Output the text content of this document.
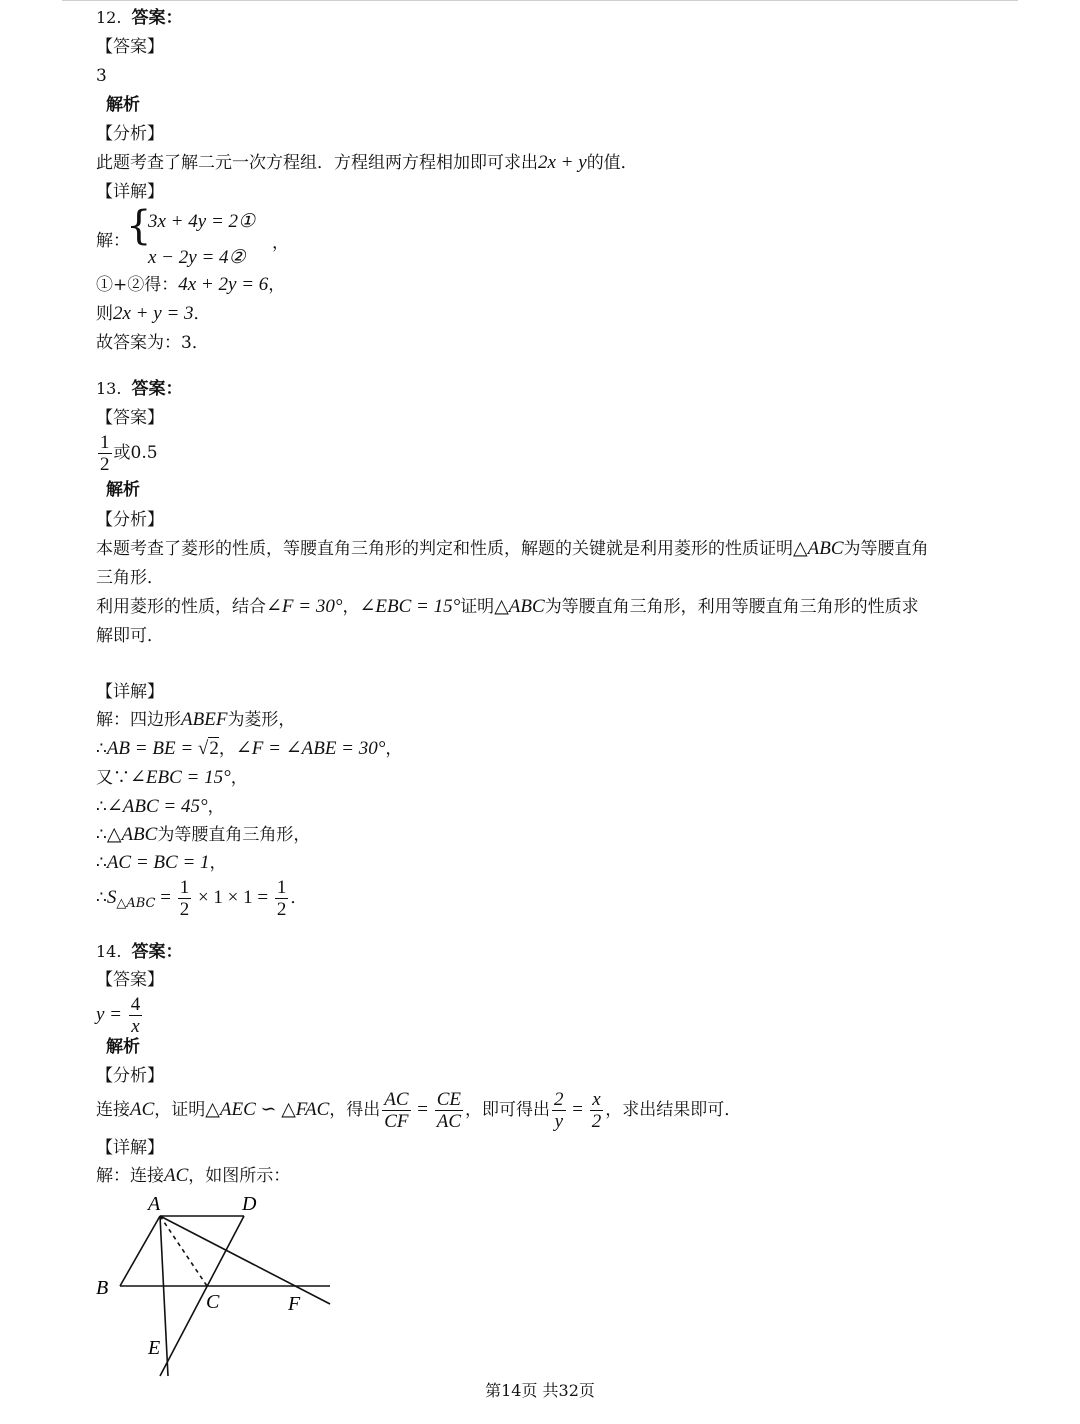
12. 答案：
【答案】
3
解析
【分析】
此题考查了解二元一次方程组．方程组两方程相加即可求出2x + y的值．
【详解】
解：
{
3x + 4y = 2①
x − 2y = 4②
，
①+②得：4x + 2y = 6，
则2x + y = 3．
故答案为：3．
13. 答案：
【答案】
$\frac{1}{2}$ 或0.5
解析
【分析】
本题考查了菱形的性质，等腰直角三角形的判定和性质，解题的关键就是利用菱形的性质证明△ABC为等腰直角
三角形．
利用菱形的性质，结合∠F = 30°，∠EBC = 15°证明△ABC为等腰直角三角形，利用等腰直角三角形的性质求
解即可．
【详解】
解：四边形ABEF为菱形，
∴AB = BE = √2，∠F = ∠ABE = 30°，
又∵∠EBC = 15°，
∴∠ABC = 45°，
∴△ABC为等腰直角三角形，
∴AC = BC = 1，
$\therefore S_{\triangle ABC} = \frac{1}{2} \times 1 \times 1 = \frac{1}{2}$ ．
14. 答案：
【答案】
$y = \frac{4}{x}$
解析
【分析】
连接AC，证明△AEC ∽ △FAC，得出 $\frac{AC}{CF} = \frac{CE}{AC}$ ，即可得出 $\frac{2}{y} = \frac{x}{2}$ ，求出结果即可．
【详解】
解：连接AC，如图所示：
A	D
B
C	F
E
第14页 共32页
